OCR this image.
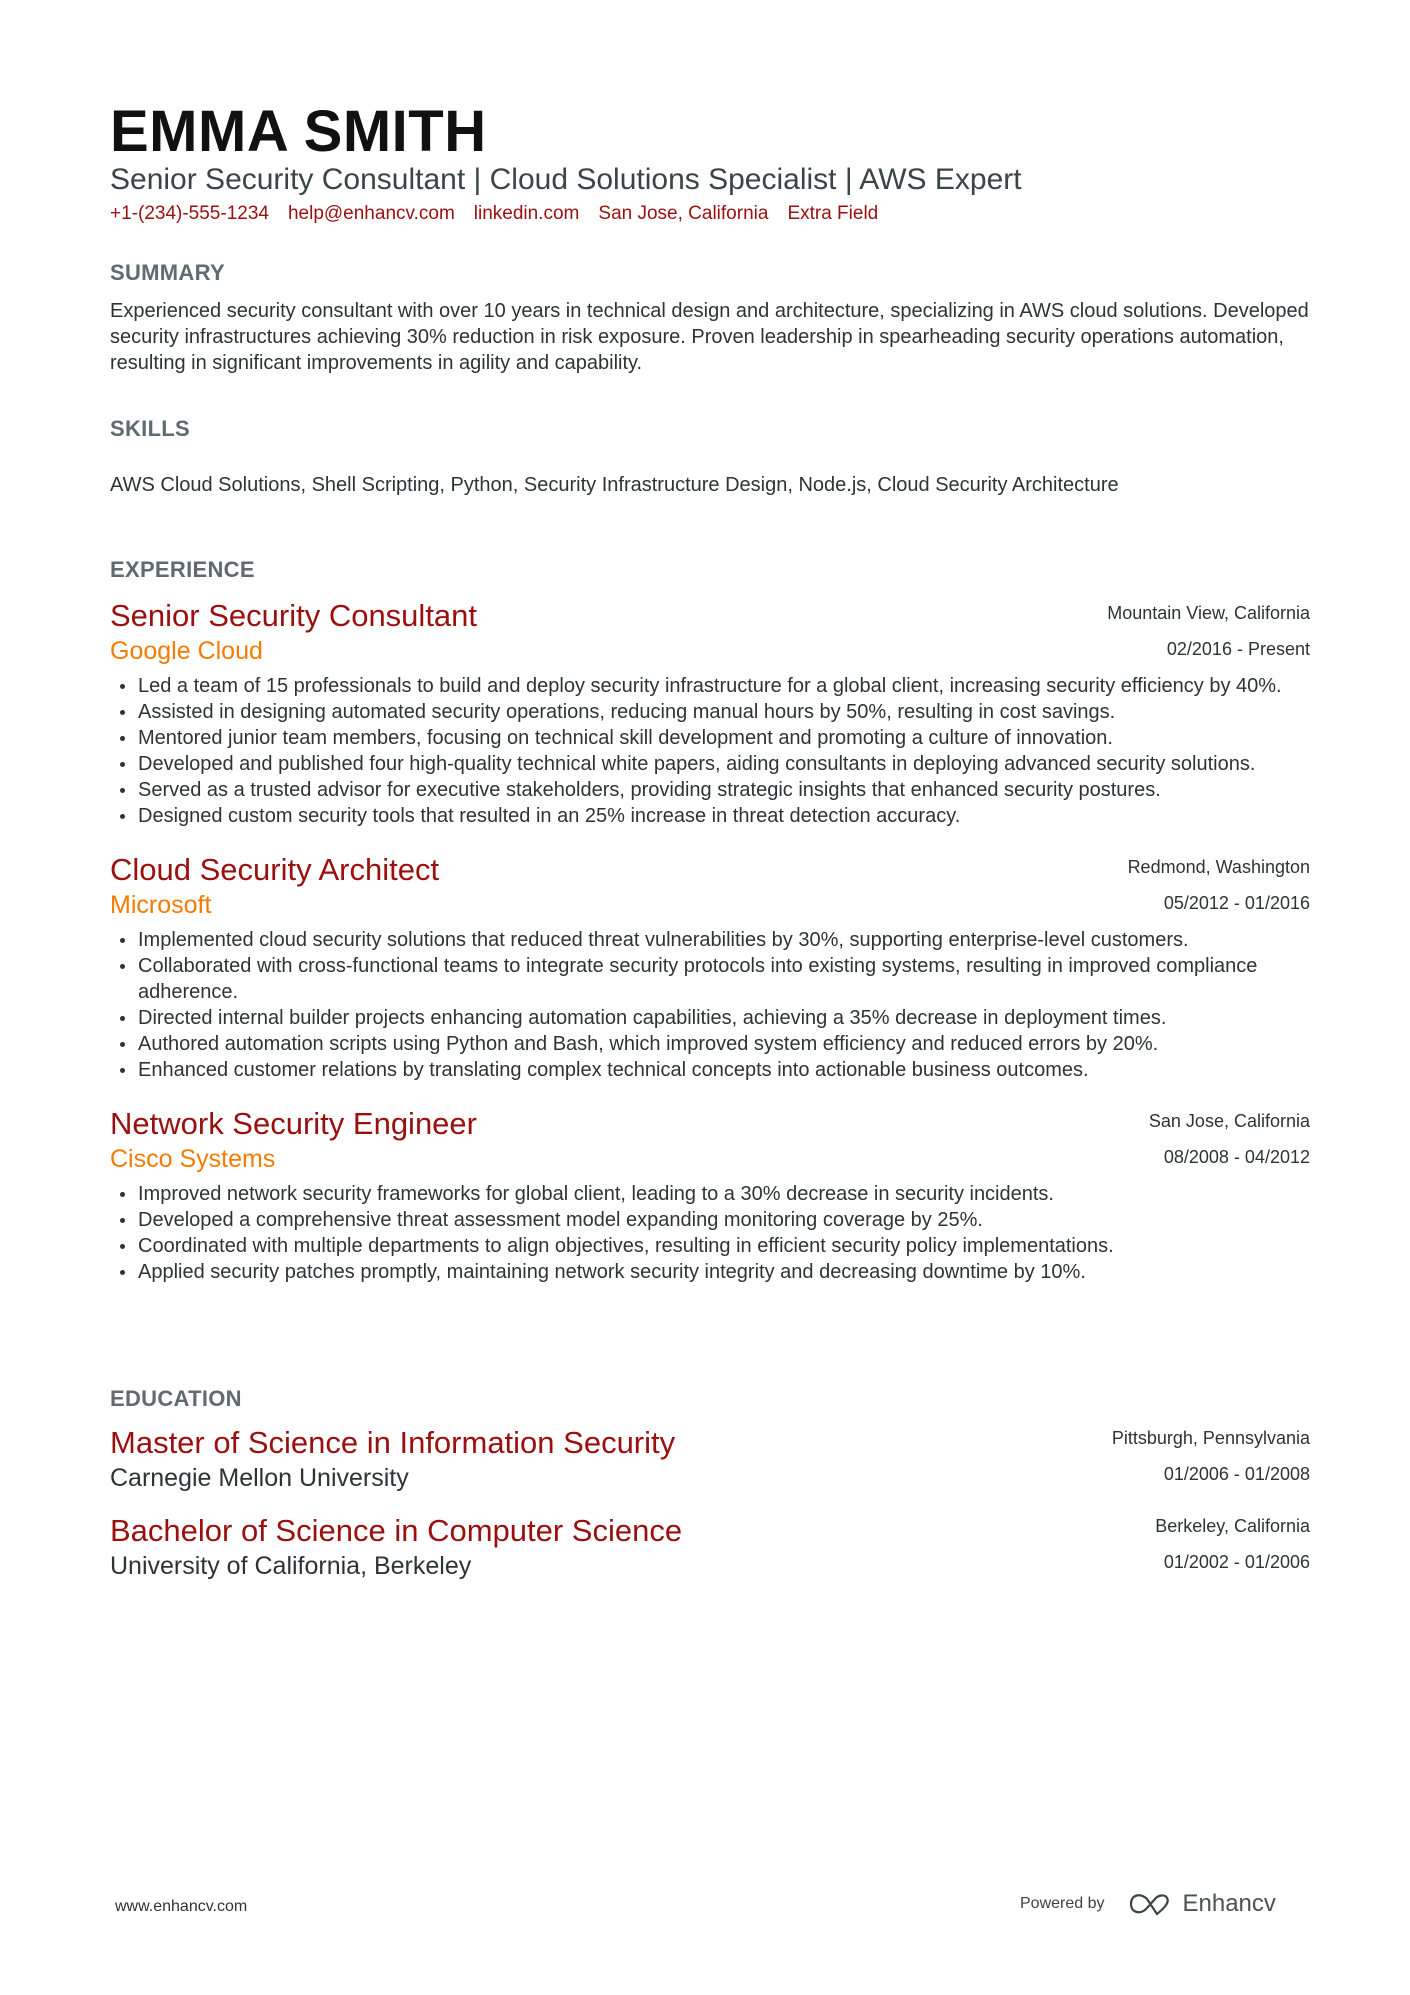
EMMA SMITH
Senior Security Consultant | Cloud Solutions Specialist | AWS Expert
+1-(234)-555-1234 help@enhancv.com linkedin.com San Jose, California Extra Field
SUMMARY
Experienced security consultant with over 10 years in technical design and architecture, specializing in AWS cloud solutions. Developed security infrastructures achieving 30% reduction in risk exposure. Proven leadership in spearheading security operations automation, resulting in significant improvements in agility and capability.
SKILLS
AWS Cloud Solutions, Shell Scripting, Python, Security Infrastructure Design, Node.js, Cloud Security Architecture
EXPERIENCE
Mountain View, California
02/2016 - Present
Senior Security Consultant
Google Cloud
Led a team of 15 professionals to build and deploy security infrastructure for a global client, increasing security efficiency by 40%.
Assisted in designing automated security operations, reducing manual hours by 50%, resulting in cost savings.
Mentored junior team members, focusing on technical skill development and promoting a culture of innovation.
Developed and published four high-quality technical white papers, aiding consultants in deploying advanced security solutions.
Served as a trusted advisor for executive stakeholders, providing strategic insights that enhanced security postures.
Designed custom security tools that resulted in an 25% increase in threat detection accuracy.
Redmond, Washington
05/2012 - 01/2016
Cloud Security Architect
Microsoft
Implemented cloud security solutions that reduced threat vulnerabilities by 30%, supporting enterprise-level customers.
Collaborated with cross-functional teams to integrate security protocols into existing systems, resulting in improved compliance adherence.
Directed internal builder projects enhancing automation capabilities, achieving a 35% decrease in deployment times.
Authored automation scripts using Python and Bash, which improved system efficiency and reduced errors by 20%.
Enhanced customer relations by translating complex technical concepts into actionable business outcomes.
San Jose, California
08/2008 - 04/2012
Network Security Engineer
Cisco Systems
Improved network security frameworks for global client, leading to a 30% decrease in security incidents.
Developed a comprehensive threat assessment model expanding monitoring coverage by 25%.
Coordinated with multiple departments to align objectives, resulting in efficient security policy implementations.
Applied security patches promptly, maintaining network security integrity and decreasing downtime by 10%.
EDUCATION
Pittsburgh, Pennsylvania
01/2006 - 01/2008
Master of Science in Information Security
Carnegie Mellon University
Berkeley, California
01/2002 - 01/2006
Bachelor of Science in Computer Science
University of California, Berkeley
www.enhancv.com	Powered by	Enhancv
